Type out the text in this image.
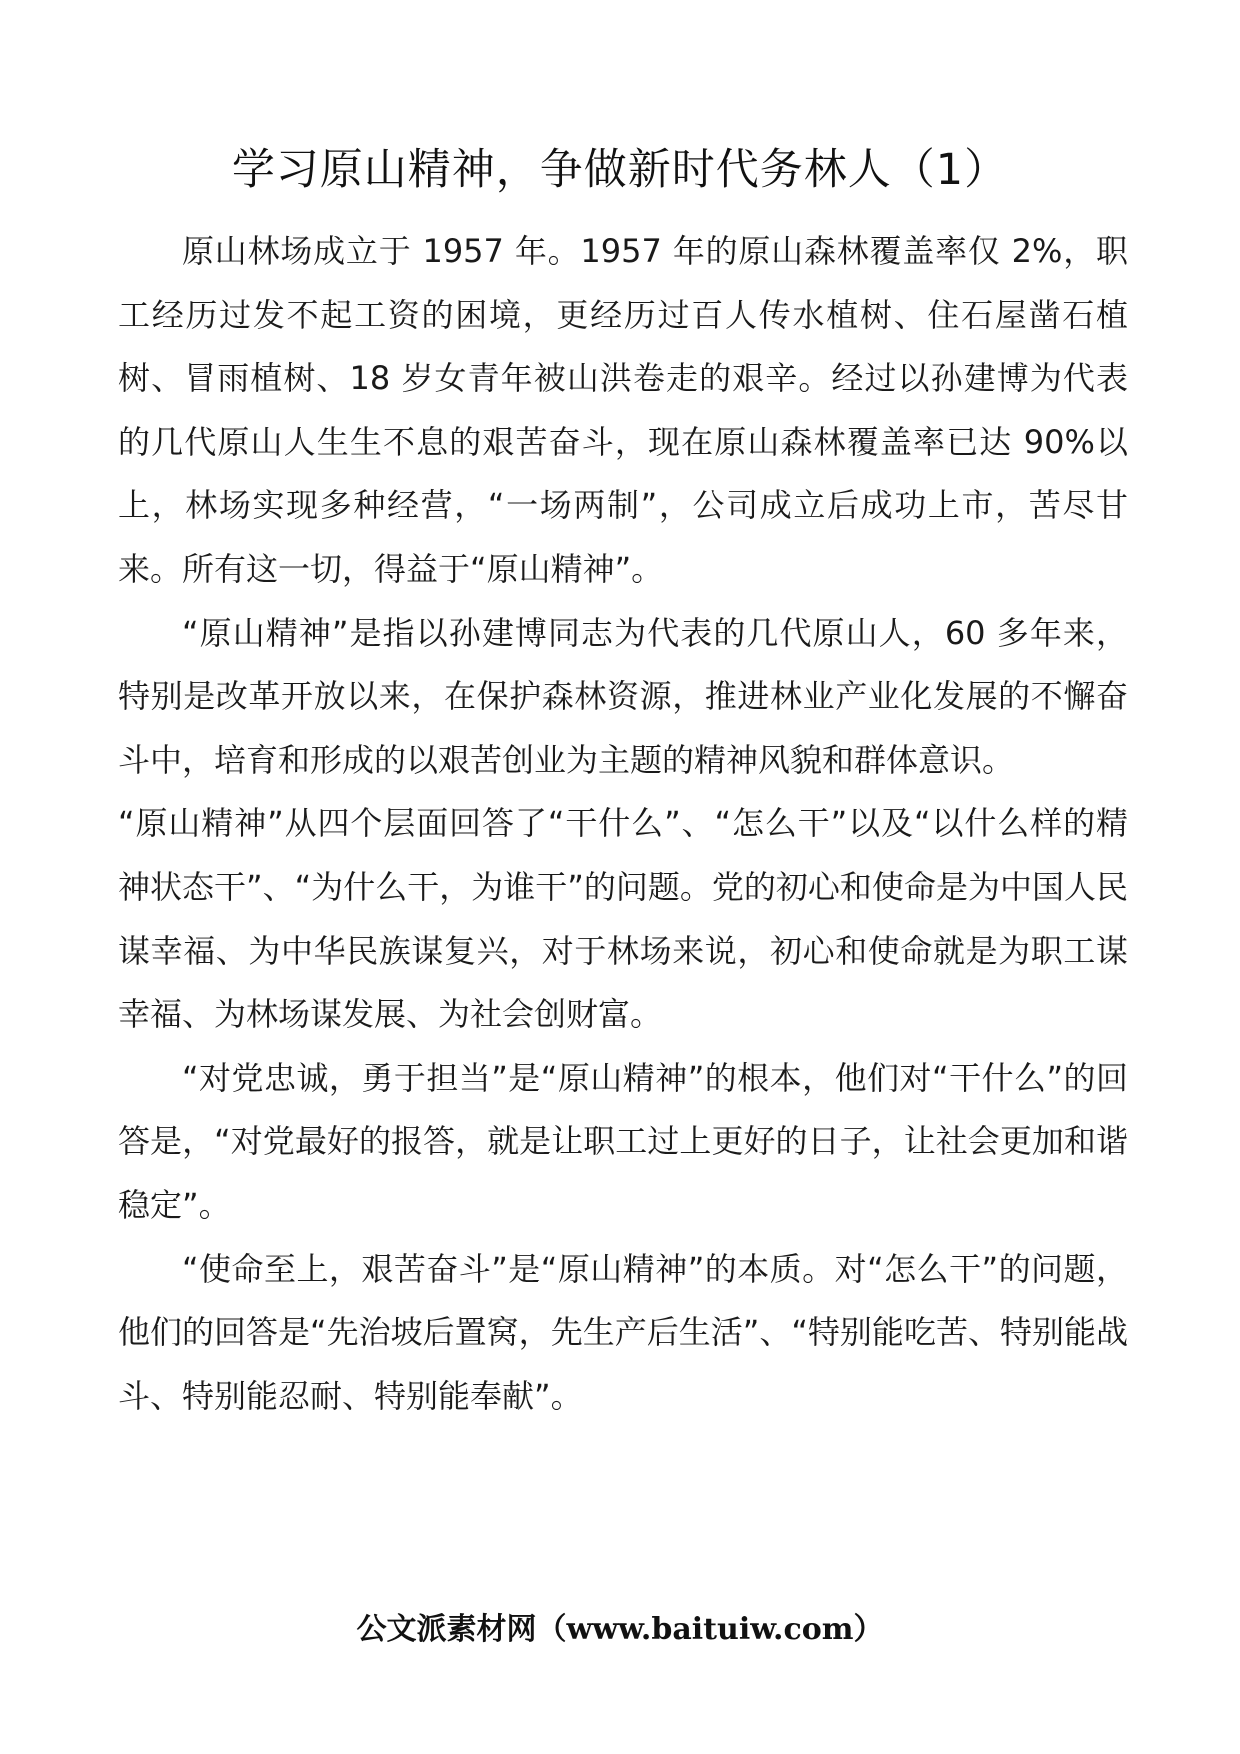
学习原山精神，争做新时代务林人（1）

原山林场成立于 1957 年。1957 年的原山森林覆盖率仅 2%，职工经历过发不起工资的困境，更经历过百人传水植树、住石屋凿石植树、冒雨植树、18 岁女青年被山洪卷走的艰辛。经过以孙建博为代表的几代原山人生生不息的艰苦奋斗，现在原山森林覆盖率已达 90%以上，林场实现多种经营，“一场两制”，公司成立后成功上市，苦尽甘来。所有这一切，得益于“原山精神”。

“原山精神”是指以孙建博同志为代表的几代原山人，60 多年来，特别是改革开放以来，在保护森林资源，推进林业产业化发展的不懈奋斗中，培育和形成的以艰苦创业为主题的精神风貌和群体意识。

“原山精神”从四个层面回答了“干什么”、“怎么干”以及“以什么样的精神状态干”、“为什么干，为谁干”的问题。党的初心和使命是为中国人民谋幸福、为中华民族谋复兴，对于林场来说，初心和使命就是为职工谋幸福、为林场谋发展、为社会创财富。

“对党忠诚，勇于担当”是“原山精神”的根本，他们对“干什么”的回答是，“对党最好的报答，就是让职工过上更好的日子，让社会更加和谐稳定”。

“使命至上，艰苦奋斗”是“原山精神”的本质。对“怎么干”的问题，他们的回答是“先治坡后置窝，先生产后生活”、“特别能吃苦、特别能战斗、特别能忍耐、特别能奉献”。

公文派素材网（www.baituiw.com）
